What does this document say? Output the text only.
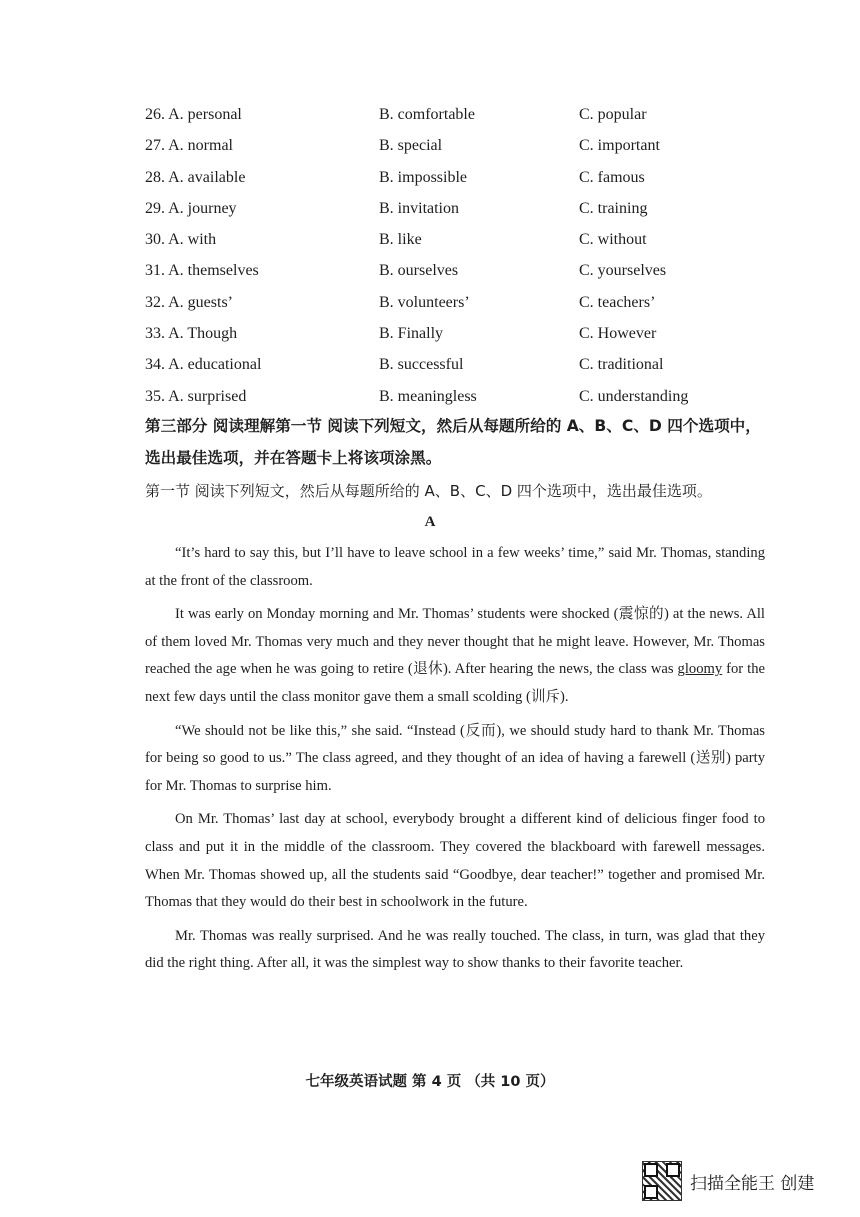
26. A. personal	B. comfortable	C. popular
27. A. normal	B. special	C. important
28. A. available	B. impossible	C. famous
29. A. journey	B. invitation	C. training
30. A. with	B. like	C. without
31. A. themselves	B. ourselves	C. yourselves
32. A. guests’	B. volunteers’	C. teachers’
33. A. Though	B. Finally	C. However
34. A. educational	B. successful	C. traditional
35. A. surprised	B. meaningless	C. understanding
第三部分 阅读理解第一节 阅读下列短文，然后从每题所给的 A、B、C、D 四个选项中，选出最佳选项，并在答题卡上将该项涂黑。
第一节 阅读下列短文，然后从每题所给的 A、B、C、D 四个选项中，选出最佳选项。
A

“It’s hard to say this, but I’ll have to leave school in a few weeks’ time,” said Mr. Thomas, standing at the front of the classroom.

It was early on Monday morning and Mr. Thomas’ students were shocked (震惊的) at the news. All of them loved Mr. Thomas very much and they never thought that he might leave. However, Mr. Thomas reached the age when he was going to retire (退休). After hearing the news, the class was gloomy for the next few days until the class monitor gave them a small scolding (训斥).

“We should not be like this,” she said. “Instead (反而), we should study hard to thank Mr. Thomas for being so good to us.” The class agreed, and they thought of an idea of having a farewell (送别) party for Mr. Thomas to surprise him.

On Mr. Thomas’ last day at school, everybody brought a different kind of delicious finger food to class and put it in the middle of the classroom. They covered the blackboard with farewell messages. When Mr. Thomas showed up, all the students said “Goodbye, dear teacher!” together and promised Mr. Thomas that they would do their best in schoolwork in the future.

Mr. Thomas was really surprised. And he was really touched. The class, in turn, was glad that they did the right thing. After all, it was the simplest way to show thanks to their favorite teacher.

七年级英语试题 第 4 页 （共 10 页）
扫描全能王 创建
